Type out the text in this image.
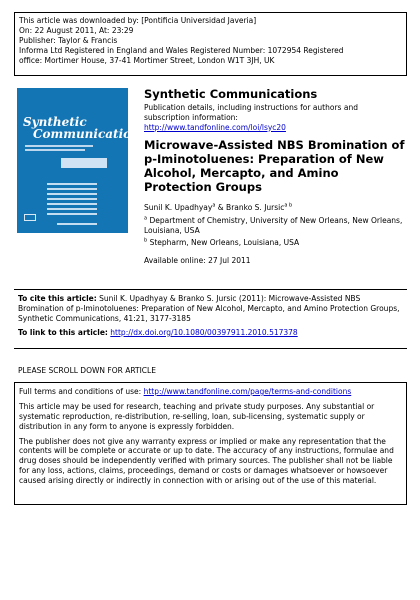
This article was downloaded by: [Pontificia Universidad Javeria]
On: 22 August 2011, At: 23:29
Publisher: Taylor & Francis
Informa Ltd Registered in England and Wales Registered Number: 1072954 Registered
office: Mortimer House, 37-41 Mortimer Street, London W1T 3JH, UK
Synthetic
Communications
Synthetic Communications
Publication details, including instructions for authors and
subscription information:
http://www.tandfonline.com/loi/lsyc20
Microwave-Assisted NBS Bromination of p-Iminotoluenes: Preparation of New Alcohol, Mercapto, and Amino Protection Groups
Sunil K. Upadhyay$^a$ & Branko S. Jursic$^{a b}$
$^a$ Department of Chemistry, University of New Orleans, New Orleans, Louisiana, USA
$^b$ Stepharm, New Orleans, Louisiana, USA
Available online: 27 Jul 2011
To cite this article: Sunil K. Upadhyay & Branko S. Jursic (2011): Microwave-Assisted NBS Bromination of p-Iminotoluenes: Preparation of New Alcohol, Mercapto, and Amino Protection Groups, Synthetic Communications, 41:21, 3177-3185
To link to this article: http://dx.doi.org/10.1080/00397911.2010.517378
PLEASE SCROLL DOWN FOR ARTICLE

Full terms and conditions of use: http://www.tandfonline.com/page/terms-and-conditions

This article may be used for research, teaching and private study purposes. Any substantial or systematic reproduction, re-distribution, re-selling, loan, sub-licensing, systematic supply or distribution in any form to anyone is expressly forbidden.

The publisher does not give any warranty express or implied or make any representation that the contents will be complete or accurate or up to date. The accuracy of any instructions, formulae and drug doses should be independently verified with primary sources. The publisher shall not be liable for any loss, actions, claims, proceedings, demand or costs or damages whatsoever or howsoever caused arising directly or indirectly in connection with or arising out of the use of this material.
